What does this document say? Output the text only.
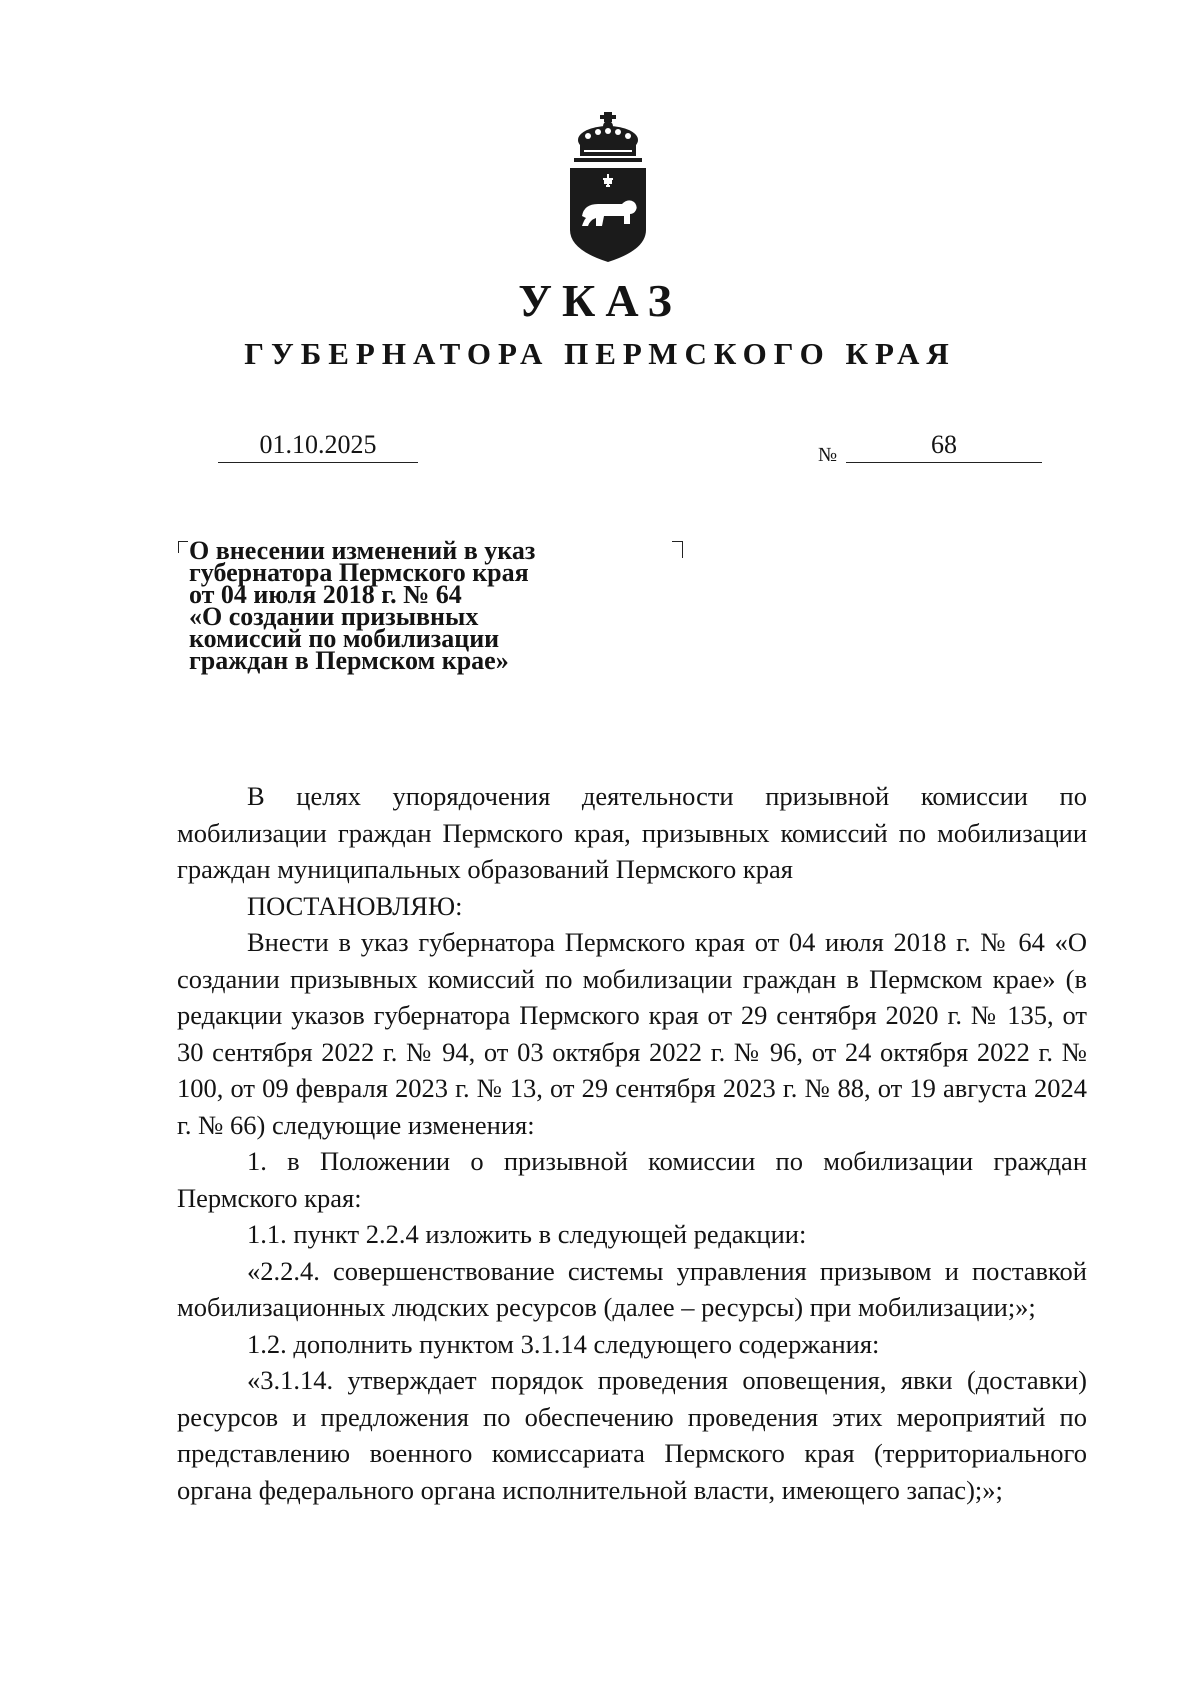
УКАЗ
ГУБЕРНАТОРА ПЕРМСКОГО КРАЯ
01.10.2025	№	68
О внесении изменений в указ
губернатора Пермского края
от 04 июля 2018 г. № 64
«О создании призывных
комиссий по мобилизации
граждан в Пермском крае»

В целях упорядочения деятельности призывной комиссии по мобилизации граждан Пермского края, призывных комиссий по мобилизации граждан муниципальных образований Пермского края

ПОСТАНОВЛЯЮ:

Внести в указ губернатора Пермского края от 04 июля 2018 г. № 64 «О создании призывных комиссий по мобилизации граждан в Пермском крае» (в редакции указов губернатора Пермского края от 29 сентября 2020 г. № 135, от 30 сентября 2022 г. № 94, от 03 октября 2022 г. № 96, от 24 октября 2022 г. № 100, от 09 февраля 2023 г. № 13, от 29 сентября 2023 г. № 88, от 19 августа 2024 г. № 66) следующие изменения:

1. в Положении о призывной комиссии по мобилизации граждан Пермского края:

1.1. пункт 2.2.4 изложить в следующей редакции:

«2.2.4. совершенствование системы управления призывом и поставкой мобилизационных людских ресурсов (далее – ресурсы) при мобилизации;»;

1.2. дополнить пунктом 3.1.14 следующего содержания:

«3.1.14. утверждает порядок проведения оповещения, явки (доставки) ресурсов и предложения по обеспечению проведения этих мероприятий по представлению военного комиссариата Пермского края (территориального органа федерального органа исполнительной власти, имеющего запас);»;
